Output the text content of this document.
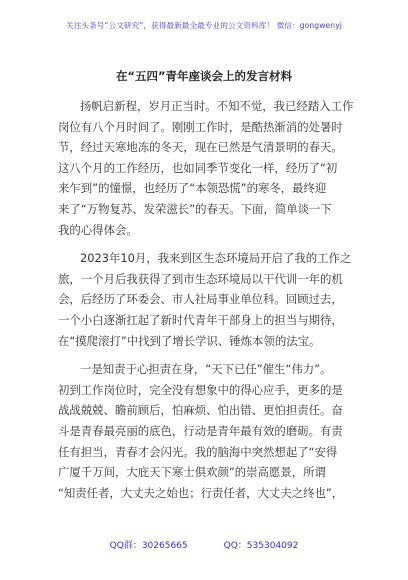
关注头条号“公文研究”，获得最新最全最专业的公文资料库！ 微信：gongwenyj
在“五四”青年座谈会上的发言材料
扬帆启新程，岁月正当时。不知不觉，我已经踏入工作
岗位有八个月时间了。刚刚工作时，是酷热渐消的处暑时
节，经过天寒地冻的冬天，现在已然是气清景明的春天。
这八个月的工作经历，也如同季节变化一样，经历了“初
来乍到”的憧憬，也经历了“本领恐慌”的寒冬，最终迎
来了“万物复苏、发荣滋长”的春天。下面，简单谈一下
我的心得体会。
2023年10月，我来到区生态环境局开启了我的工作之
旅，一个月后我获得了到市生态环境局以干代训一年的机
会，后经历了环委会、市人社局事业单位科。回顾过去，
一个小白逐渐扛起了新时代青年干部身上的担当与期待，
在“摸爬滚打”中找到了增长学识、锤炼本领的法宝。
一是知责于心担责在身，“天下已任”催生“伟力”。
初到工作岗位时，完全没有想象中的得心应手，更多的是
战战兢兢、瞻前顾后，怕麻烦、怕出错、更怕担责任。奋
斗是青春最亮丽的底色，行动是青年最有效的磨砺。有责
任有担当，青春才会闪光。我的脑海中突然想起了“安得
广厦千万间，大庇天下寒士俱欢颜”的崇高愿景，所谓
“知责任者，大丈夫之始也；行责任者，大丈夫之终也”，
QQ群：30265665	QQ：535304092
